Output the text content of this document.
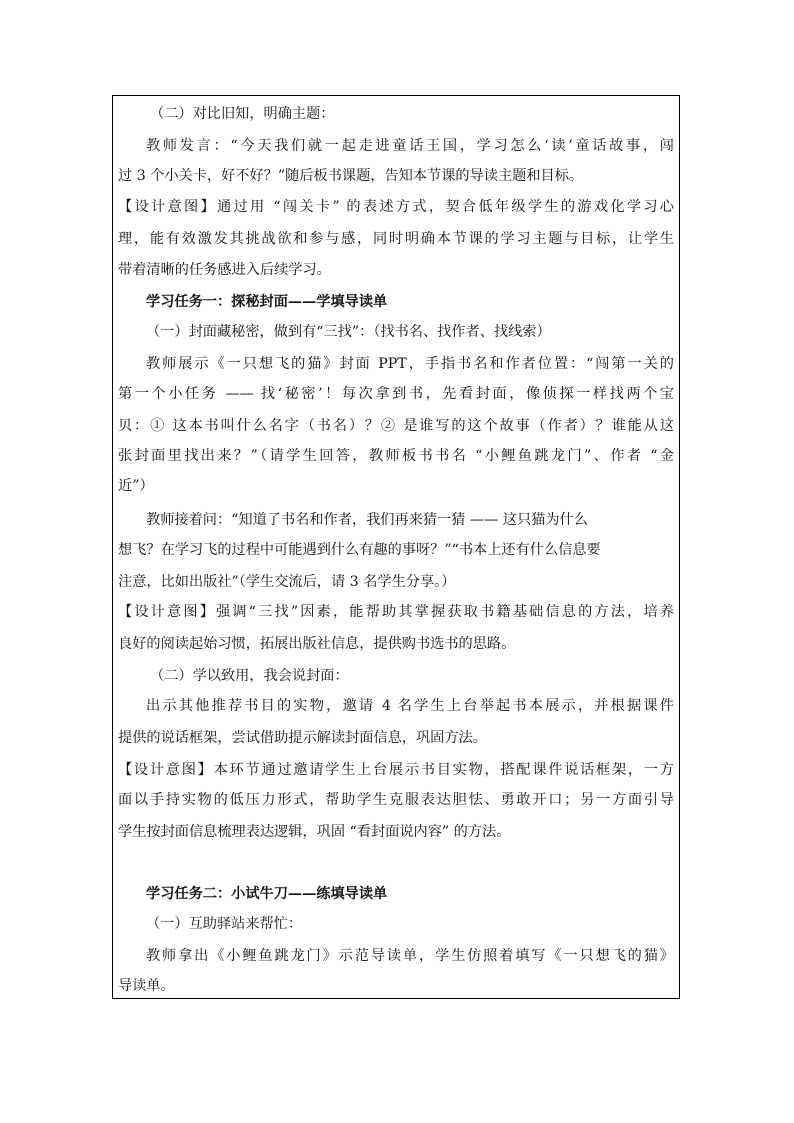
（二）对比旧知，明确主题：
教师发言：“今天我们就一起走进童话王国，学习怎么‘读’童话故事，闯
过 3 个小关卡，好不好？”随后板书课题，告知本节课的导读主题和目标。
【设计意图】通过用 “闯关卡” 的表述方式，契合低年级学生的游戏化学习心
理，能有效激发其挑战欲和参与感，同时明确本节课的学习主题与目标，让学生
带着清晰的任务感进入后续学习。
学习任务一：探秘封面——学填导读单
（一）封面藏秘密，做到有“三找”：（找书名、找作者、找线索）
教师展示《一只想飞的猫》封面 PPT，手指书名和作者位置：“闯第一关的
第一个小任务 —— 找‘秘密’！每次拿到书，先看封面，像侦探一样找两个宝
贝：① 这本书叫什么名字（书名）？② 是谁写的这个故事（作者）？谁能从这
张封面里找出来？”（请学生回答，教师板书书名 “小鲤鱼跳龙门”、作者 “金
近”）
教师接着问：“知道了书名和作者，我们再来猜一猜 —— 这只猫为什么
想飞？在学习飞的过程中可能遇到什么有趣的事呀？”“书本上还有什么信息要
注意，比如出版社”（学生交流后，请 3 名学生分享。）
【设计意图】强调“三找”因素，能帮助其掌握获取书籍基础信息的方法，培养
良好的阅读起始习惯，拓展出版社信息，提供购书选书的思路。
（二）学以致用，我会说封面：
出示其他推荐书目的实物，邀请 4 名学生上台举起书本展示，并根据课件
提供的说话框架，尝试借助提示解读封面信息，巩固方法。
【设计意图】本环节通过邀请学生上台展示书目实物，搭配课件说话框架，一方
面以手持实物的低压力形式，帮助学生克服表达胆怯、勇敢开口；另一方面引导
学生按封面信息梳理表达逻辑，巩固 “看封面说内容” 的方法。
学习任务二：小试牛刀——练填导读单
（一）互助驿站来帮忙：
教师拿出《小鲤鱼跳龙门》示范导读单，学生仿照着填写《一只想飞的猫》
导读单。
